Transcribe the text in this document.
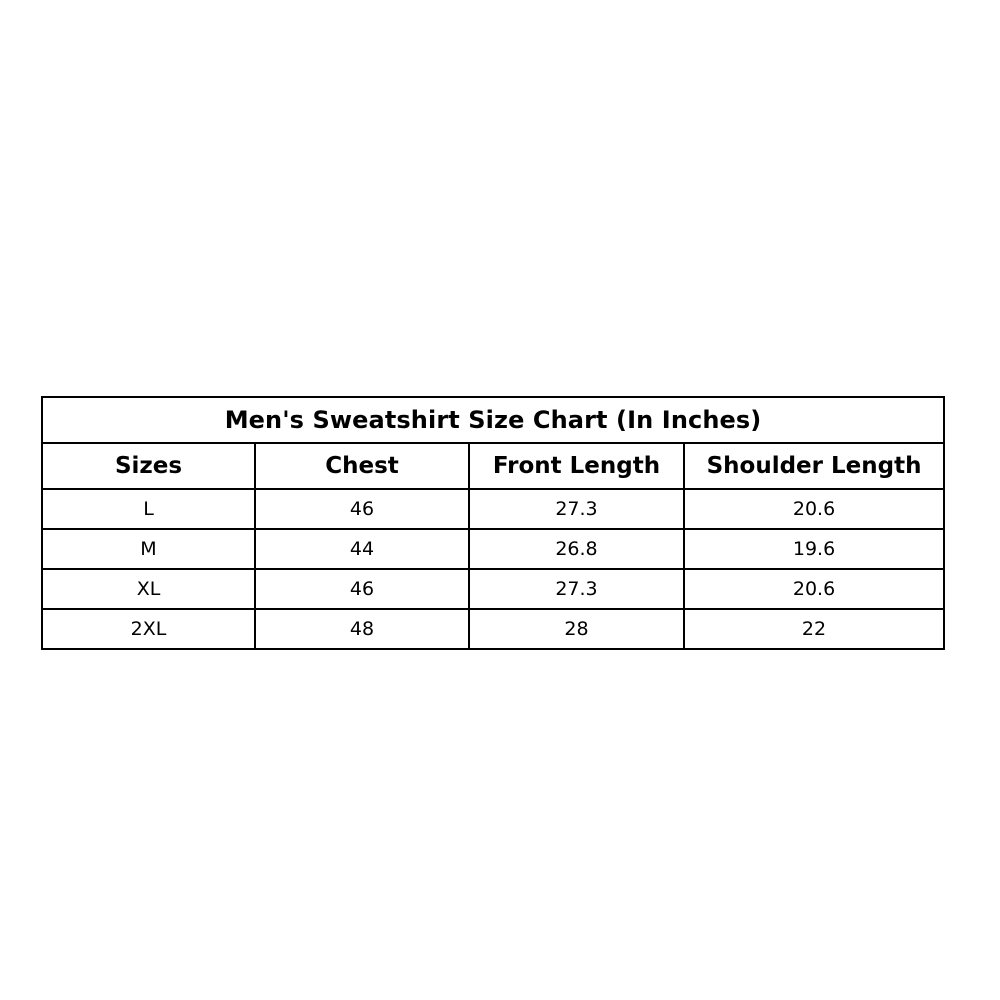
Men's Sweatshirt Size Chart (In Inches)			
Sizes	Chest	Front Length	Shoulder Length
L	46	27.3	20.6
M	44	26.8	19.6
XL	46	27.3	20.6
2XL	48	28	22
